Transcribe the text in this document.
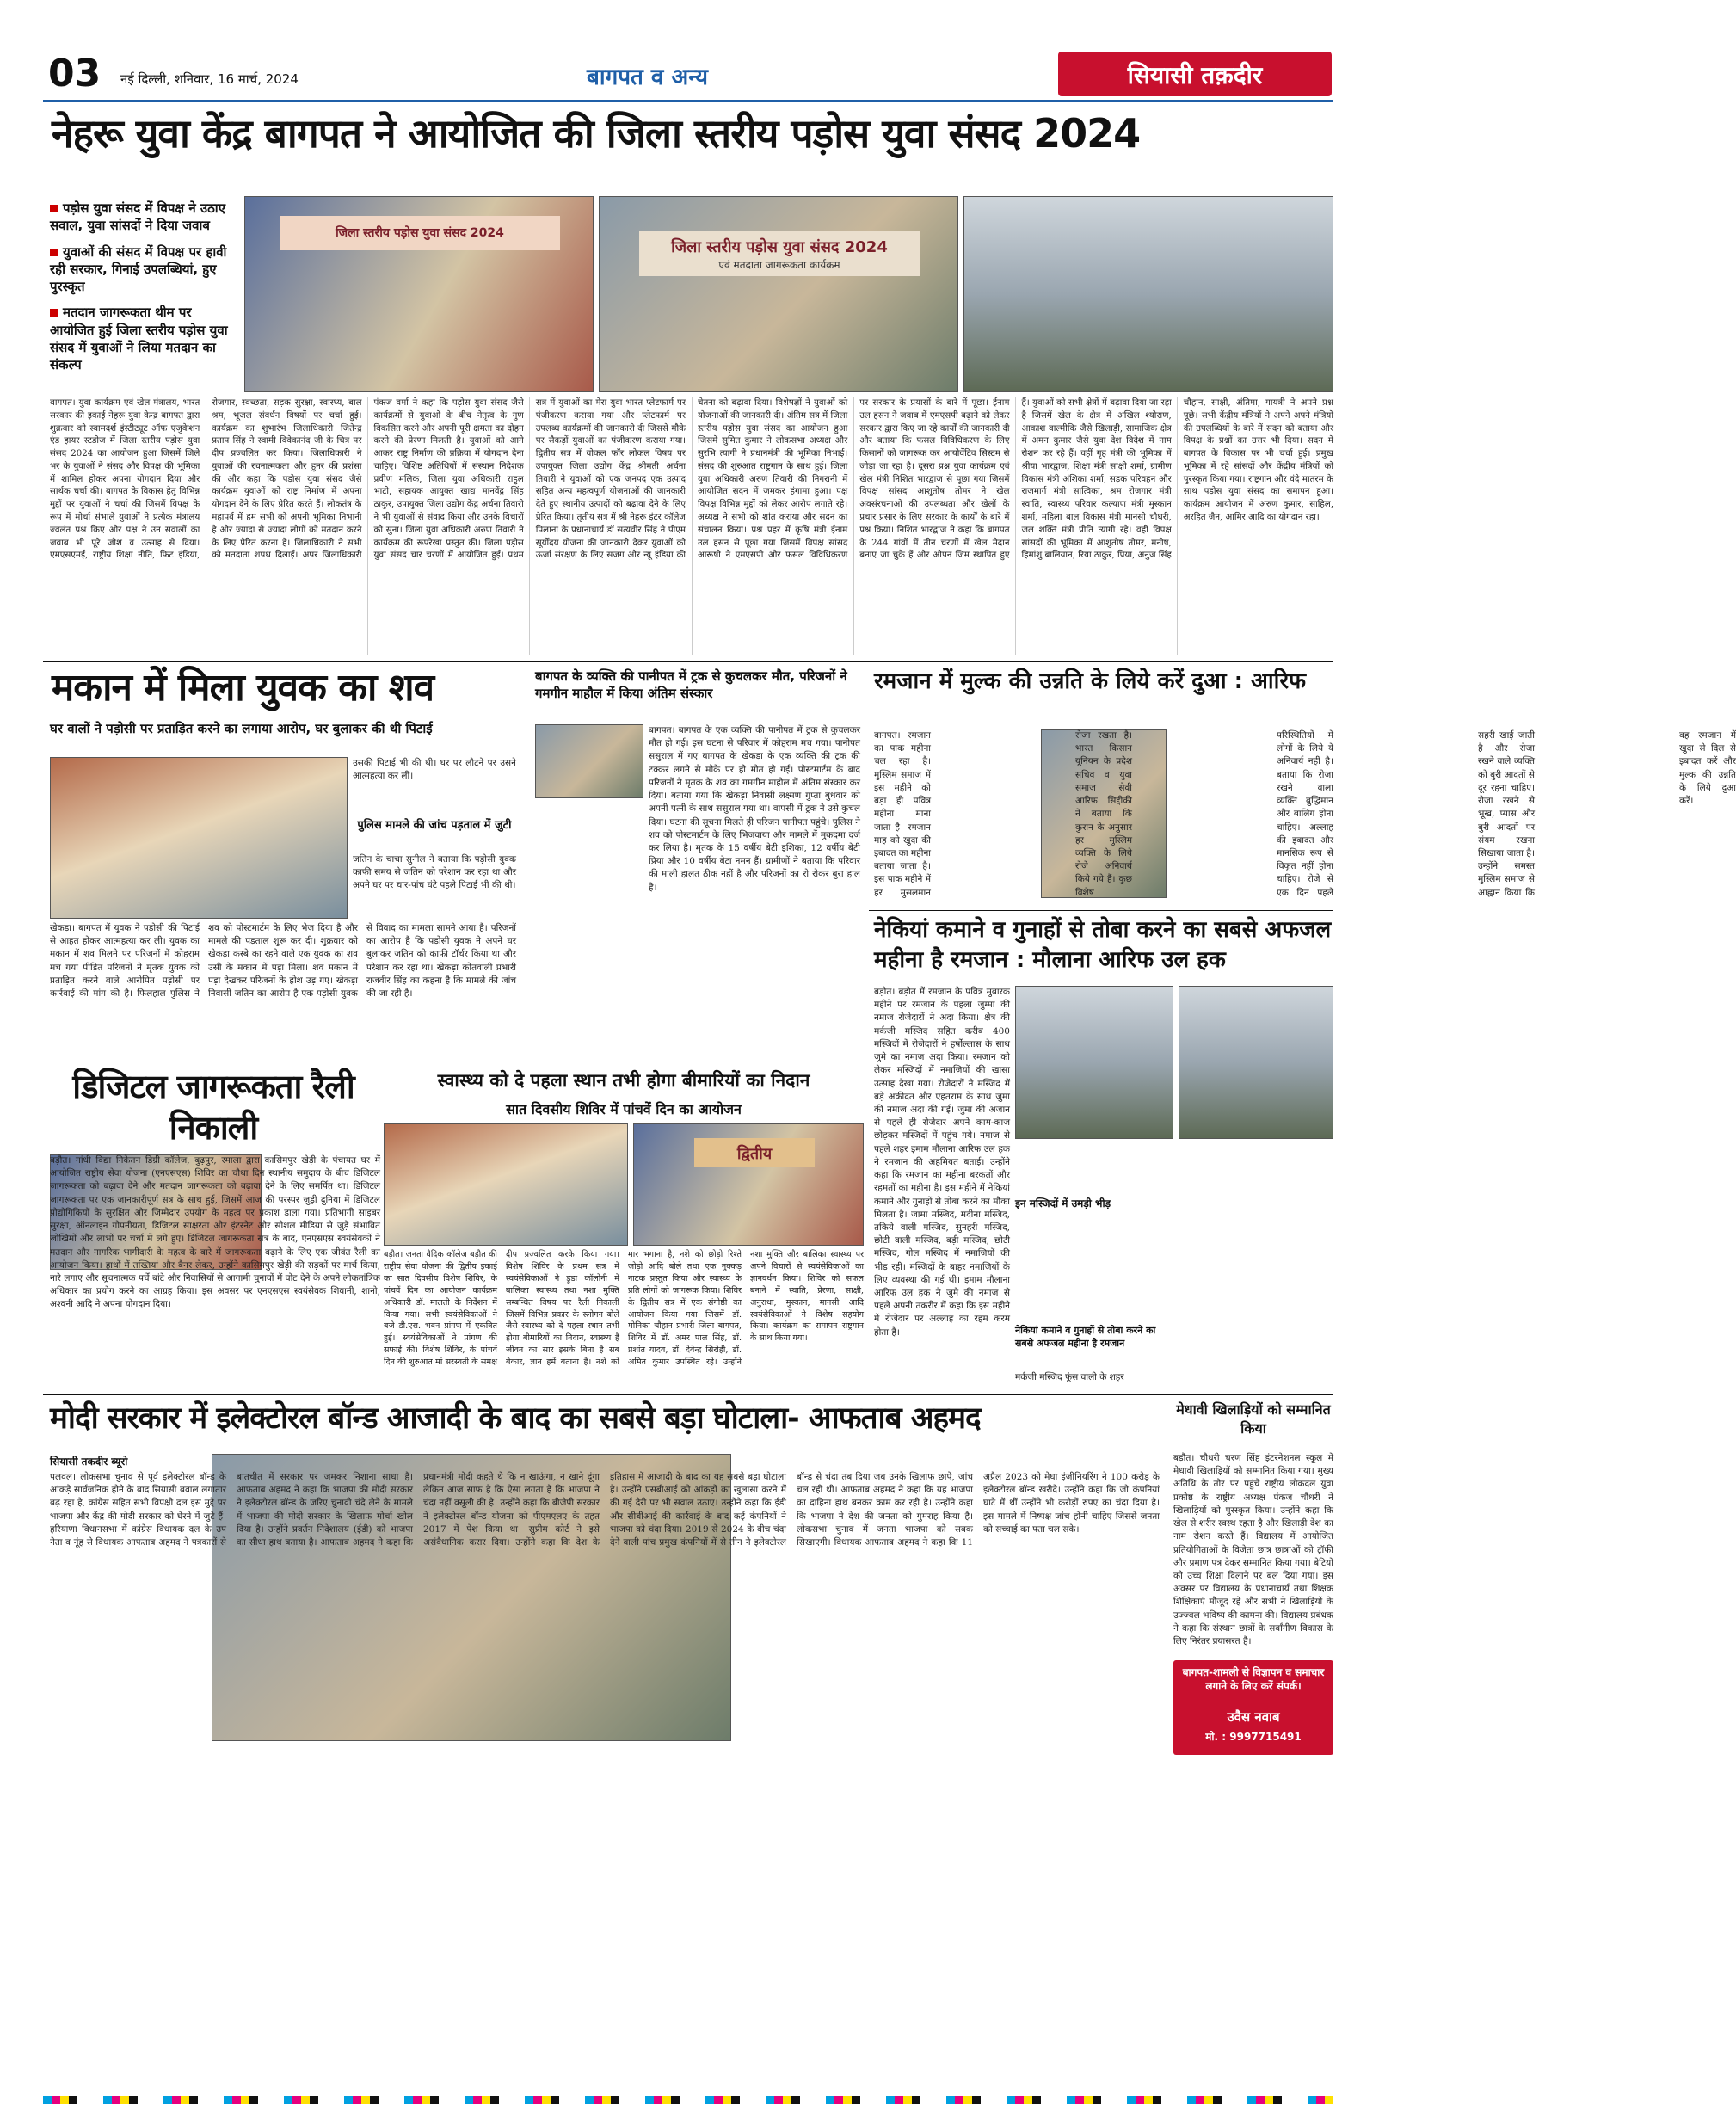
03 नई दिल्ली, शनिवार, 16 मार्च, 2024	बागपत व अन्य	सियासी तक़दीर
नेहरू युवा केंद्र बागपत ने आयोजित की जिला स्तरीय पड़ोस युवा संसद 2024
पड़ोस युवा संसद में विपक्ष ने उठाए सवाल, युवा सांसदों ने दिया जवाब
युवाओं की संसद में विपक्ष पर हावी रही सरकार, गिनाई उपलब्धियां, हुए पुरस्कृत
मतदान जागरूकता थीम पर आयोजित हुई जिला स्तरीय पड़ोस युवा संसद में युवाओं ने लिया मतदान का संकल्प
जिला स्तरीय पड़ोस युवा संसद 2024
जिला स्तरीय पड़ोस युवा संसद 2024
एवं मतदाता जागरूकता कार्यक्रम
बागपत। युवा कार्यक्रम एवं खेल मंत्रालय, भारत सरकार की इकाई नेहरू युवा केन्द्र बागपत द्वारा शुक्रवार को स्वामदर्श इंस्टीट्यूट ऑफ एजुकेशन एंड हायर स्टडीज में जिला स्तरीय पड़ोस युवा संसद 2024 का आयोजन हुआ जिसमें जिले भर के युवाओं ने संसद और विपक्ष की भूमिका में शामिल होकर अपना योगदान दिया और सार्थक चर्चा की। बागपत के विकास हेतु विभिन्न मुद्दों पर युवाओं ने चर्चा की जिसमें विपक्ष के रूप में मोर्चा संभाले युवाओं ने प्रत्येक मंत्रालय ज्वलंत प्रश्न किए और पक्ष ने उन सवालों का जवाब भी पूरे जोश व उत्साह से दिया। एमएसएमई, राष्ट्रीय शिक्षा नीति, फिट इंडिया, रोजगार, स्वच्छता, सड़क सुरक्षा, स्वास्थ्य, बाल श्रम, भूजल संवर्धन विषयों पर चर्चा हुई। कार्यक्रम का शुभारंभ जिलाधिकारी जितेन्द्र प्रताप सिंह ने स्वामी विवेकानंद जी के चित्र पर दीप प्रज्वलित कर किया। जिलाधिकारी ने युवाओं की रचनात्मकता और हुनर की प्रशंसा की और कहा कि पड़ोस युवा संसद जैसे कार्यक्रम युवाओं को राष्ट्र निर्माण में अपना योगदान देने के लिए प्रेरित करते हैं। लोकतंत्र के महापर्व में हम सभी को अपनी भूमिका निभानी है और ज्यादा से ज्यादा लोगों को मतदान करने के लिए प्रेरित करना है। जिलाधिकारी ने सभी को मतदाता शपथ दिलाई। अपर जिलाधिकारी पंकज वर्मा ने कहा कि पड़ोस युवा संसद जैसे कार्यक्रमों से युवाओं के बीच नेतृत्व के गुण विकसित करने और अपनी पूरी क्षमता का दोहन करने की प्रेरणा मिलती है। युवाओं को आगे आकर राष्ट्र निर्माण की प्रक्रिया में योगदान देना चाहिए। विशिष्ट अतिथियों में संस्थान निदेशक प्रवीण मलिक, जिला युवा अधिकारी राहुल भाटी, सहायक आयुक्त खाद्य मानवेंद्र सिंह ठाकुर, उपायुक्त जिला उद्योग केंद्र अर्चना तिवारी ने भी युवाओं से संवाद किया और उनके विचारों को सुना। जिला युवा अधिकारी अरुण तिवारी ने कार्यक्रम की रूपरेखा प्रस्तुत की। जिला पड़ोस युवा संसद चार चरणों में आयोजित हुई। प्रथम सत्र में युवाओं का मेरा युवा भारत प्लेटफार्म पर पंजीकरण कराया गया और प्लेटफार्म पर उपलब्ध कार्यक्रमों की जानकारी दी जिससे मौके पर सैकड़ों युवाओं का पंजीकरण कराया गया। द्वितीय सत्र में वोकल फॉर लोकल विषय पर उपायुक्त जिला उद्योग केंद्र श्रीमती अर्चना तिवारी ने युवाओं को एक जनपद एक उत्पाद सहित अन्य महत्वपूर्ण योजनाओं की जानकारी देते हुए स्थानीय उत्पादों को बढ़ावा देने के लिए प्रेरित किया। तृतीय सत्र में श्री नेहरू इंटर कॉलेज पिलाना के प्रधानाचार्य डॉ सत्यवीर सिंह ने पीएम सूर्योदय योजना की जानकारी देकर युवाओं को ऊर्जा संरक्षण के लिए सजग और न्यू इंडिया की चेतना को बढ़ावा दिया। विशेषज्ञों ने युवाओं को योजनाओं की जानकारी दी। अंतिम सत्र में जिला स्तरीय पड़ोस युवा संसद का आयोजन हुआ जिसमें सुमित कुमार ने लोकसभा अध्यक्ष और सुरभि त्यागी ने प्रधानमंत्री की भूमिका निभाई। संसद की शुरुआत राष्ट्रगान के साथ हुई। जिला युवा अधिकारी अरुण तिवारी की निगरानी में आयोजित सदन में जमकर हंगामा हुआ। पक्ष विपक्ष विभिन्न मुद्दों को लेकर आरोप लगाते रहे। अध्यक्ष ने सभी को शांत कराया और सदन का संचालन किया। प्रश्न प्रहर में कृषि मंत्री ईनाम उल हसन से पूछा गया जिसमें विपक्ष सांसद आरूषी ने एमएसपी और फसल विविधिकरण पर सरकार के प्रयासों के बारे में पूछा। ईनाम उल हसन ने जवाब में एमएसपी बढ़ाने को लेकर सरकार द्वारा किए जा रहे कार्यों की जानकारी दी और बताया कि फसल विविधिकरण के लिए किसानों को जागरूक कर आयोवेंटिव सिस्टम से जोड़ा जा रहा है। दूसरा प्रश्न युवा कार्यक्रम एवं खेल मंत्री निशित भारद्वाज से पूछा गया जिसमें विपक्ष सांसद आशुतोष तोमर ने खेल अवसंरचनाओं की उपलब्धता और खेलों के प्रचार प्रसार के लिए सरकार के कार्यों के बारे में प्रश्न किया। निशित भारद्वाज ने कहा कि बागपत के 244 गांवों में तीन चरणों में खेल मैदान बनाए जा चुके हैं और ओपन जिम स्थापित हुए हैं। युवाओं को सभी क्षेत्रों में बढ़ावा दिया जा रहा है जिसमें खेल के क्षेत्र में अखिल श्योराण, आकाश वाल्मीकि जैसे खिलाड़ी, सामाजिक क्षेत्र में अमन कुमार जैसे युवा देश विदेश में नाम रोशन कर रहे हैं। वहीं गृह मंत्री की भूमिका में श्रीया भारद्वाज, शिक्षा मंत्री साक्षी शर्मा, ग्रामीण विकास मंत्री अंशिका शर्मा, सड़क परिवहन और राजमार्ग मंत्री सात्विका, श्रम रोजगार मंत्री स्वाति, स्वास्थ्य परिवार कल्याण मंत्री मुस्कान शर्मा, महिला बाल विकास मंत्री मानसी चौधरी, जल शक्ति मंत्री प्रीति त्यागी रहे। वहीं विपक्ष सांसदों की भूमिका में आशुतोष तोमर, मनीष, हिमांशु बालियान, रिया ठाकुर, प्रिया, अनुज सिंह चौहान, साक्षी, अंतिमा, गायत्री ने अपने प्रश्न पूछे। सभी केंद्रीय मंत्रियों ने अपने अपने मंत्रियों की उपलब्धियों के बारे में सदन को बताया और विपक्ष के प्रश्नों का उत्तर भी दिया। सदन में बागपत के विकास पर भी चर्चा हुई। प्रमुख भूमिका में रहे सांसदों और केंद्रीय मंत्रियों को पुरस्कृत किया गया। राष्ट्रगान और वंदे मातरम के साथ पड़ोस युवा संसद का समापन हुआ। कार्यक्रम आयोजन में अरुण कुमार, साहिल, अरहित जैन, आमिर आदि का योगदान रहा।
मकान में मिला युवक का शव
घर वालों ने पड़ोसी पर प्रताड़ित करने का लगाया आरोप, घर बुलाकर की थी पिटाई
उसकी पिटाई भी की थी। घर पर लौटने पर उसने आत्महत्या कर ली।
पुलिस मामले की जांच पड़ताल में जुटी
जतिन के चाचा सुनील ने बताया कि पड़ोसी युवक काफी समय से जतिन को परेशान कर रहा था और अपने घर पर चार-पांच घंटे पहले पिटाई भी की थी।
खेकड़ा। बागपत में युवक ने पड़ोसी की पिटाई से आहत होकर आत्महत्या कर ली। युवक का मकान में शव मिलने पर परिजनों में कोहराम मच गया पीड़ित परिजनों ने मृतक युवक को प्रताड़ित करने वाले आरोपित पड़ोसी पर कार्रवाई की मांग की है। फिलहाल पुलिस ने शव को पोस्टमार्टम के लिए भेज दिया है और मामले की पड़ताल शुरू कर दी। शुक्रवार को खेकड़ा कस्बे का रहने वाले एक युवक का शव उसी के मकान में पड़ा मिला। शव मकान में पड़ा देखकर परिजनों के होश उड़ गए। खेकड़ा निवासी जतिन का आरोप है एक पड़ोसी युवक से विवाद का मामला सामने आया है। परिजनों का आरोप है कि पड़ोसी युवक ने अपने घर बुलाकर जतिन को काफी टॉर्चर किया था और परेशान कर रहा था। खेकड़ा कोतवाली प्रभारी राजवीर सिंह का कहना है कि मामले की जांच की जा रही है।
बागपत के व्यक्ति की पानीपत में ट्रक से कुचलकर मौत, परिजनों ने गमगीन माहौल में किया अंतिम संस्कार
बागपत। बागपत के एक व्यक्ति की पानीपत में ट्रक से कुचलकर मौत हो गई। इस घटना से परिवार में कोहराम मच गया। पानीपत ससुराल में गए बागपत के खेकड़ा के एक व्यक्ति की ट्रक की टक्कर लगने से मौके पर ही मौत हो गई। पोस्टमार्टम के बाद परिजनों ने मृतक के शव का गमगीन माहौल में अंतिम संस्कार कर दिया। बताया गया कि खेकड़ा निवासी लक्ष्मण गुप्ता बुधवार को अपनी पत्नी के साथ ससुराल गया था। वापसी में ट्रक ने उसे कुचल दिया। घटना की सूचना मिलते ही परिजन पानीपत पहुंचे। पुलिस ने शव को पोस्टमार्टम के लिए भिजवाया और मामले में मुकदमा दर्ज कर लिया है। मृतक के 15 वर्षीय बेटी इशिका, 12 वर्षीय बेटी प्रिया और 10 वर्षीय बेटा नमन हैं। ग्रामीणों ने बताया कि परिवार की माली हालत ठीक नहीं है और परिजनों का रो रोकर बुरा हाल है।
रमजान में मुल्क की उन्नति के लिये करें दुआ : आरिफ
बागपत। रमजान का पाक महीना चल रहा है। मुस्लिम समाज में इस महीने को बड़ा ही पवित्र महीना माना जाता है। रमजान माह को खुदा की इबादत का महीना बताया जाता है। इस पाक महीने में हर मुसलमान रोजा रखता है। भारत किसान यूनियन के प्रदेश सचिव व युवा समाज सेवी आरिफ सिद्दीकी ने बताया कि कुरान के अनुसार हर मुस्लिम व्यक्ति के लिये रोजे अनिवार्य किये गये हैं। कुछ विशेष परिस्थितियों में लोगों के लिये ये अनिवार्य नहीं है। बताया कि रोजा रखने वाला व्यक्ति बुद्धिमान और बालिग होना चाहिए। अल्लाह की इबादत और मानसिक रूप से विकृत नहीं होना चाहिए। रोजे से एक दिन पहले सहरी खाई जाती है और रोजा रखने वाले व्यक्ति को बुरी आदतों से दूर रहना चाहिए। रोजा रखने से भूख, प्यास और बुरी आदतों पर संयम रखना सिखाया जाता है। उन्होंने समस्त मुस्लिम समाज से आह्वान किया कि वह रमजान में खुदा से दिल से इबादत करें और मुल्क की उन्नति के लिये दुआ करें।
नेकियां कमाने व गुनाहों से तोबा करने का सबसे अफजल महीना है रमजान : मौलाना आरिफ उल हक
नेकियां कमाने व गुनाहों से तोबा करने का सबसे अफजल महीना है रमजान
मर्कजी मस्जिद फूंस वाली के शहर
इन मस्जिदों में उमड़ी भीड़
बड़ौत। बड़ौत में रमजान के पवित्र मुबारक महीने पर रमजान के पहला जुम्मा की नमाज रोजेदारों ने अदा किया। क्षेत्र की मर्कजी मस्जिद सहित करीब 400 मस्जिदों में रोजेदारों ने हर्षोल्लास के साथ जुमे का नमाज अदा किया। रमजान को लेकर मस्जिदों में नमाजियों की खासा उत्साह देखा गया। रोजेदारों ने मस्जिद में बड़े अकीदत और एहतराम के साथ जुमा की नमाज अदा की गई। जुमा की अजान से पहले ही रोजेदार अपने काम-काज छोड़कर मस्जिदों में पहुंच गये। नमाज से पहले शहर इमाम मौलाना आरिफ उल हक ने रमजान की अहमियत बताई। उन्होंने कहा कि रमजान का महीना बरकतों और रहमतों का महीना है। इस महीने में नेकियां कमाने और गुनाहों से तोबा करने का मौका मिलता है। जामा मस्जिद, मदीना मस्जिद, तकिये वाली मस्जिद, सुनहरी मस्जिद, छोटी वाली मस्जिद, बड़ी मस्जिद, छोटी मस्जिद, गोल मस्जिद में नमाजियों की भीड़ रही। मस्जिदों के बाहर नमाजियों के लिए व्यवस्था की गई थी। इमाम मौलाना आरिफ उल हक ने जुमे की नमाज से पहले अपनी तकरीर में कहा कि इस महीने में रोजेदार पर अल्लाह का रहम करम होता है।
डिजिटल जागरूकता रैली निकाली
बड़ौत। गांधी विद्या निकेतन डिग्री कॉलेज, बुढ़पुर, रमाला द्वारा कासिमपुर खेड़ी के पंचायत घर में आयोजित राष्ट्रीय सेवा योजना (एनएसएस) शिविर का चौथा दिन स्थानीय समुदाय के बीच डिजिटल जागरूकता को बढ़ावा देने और मतदान जागरूकता को बढ़ावा देने के लिए समर्पित था। डिजिटल जागरूकता पर एक जानकारीपूर्ण सत्र के साथ हुई, जिसमें आज की परस्पर जुड़ी दुनिया में डिजिटल प्रौद्योगिकियों के सुरक्षित और जिम्मेदार उपयोग के महत्व पर प्रकाश डाला गया। प्रतिभागी साइबर सुरक्षा, ऑनलाइन गोपनीयता, डिजिटल साक्षरता और इंटरनेट और सोशल मीडिया से जुड़े संभावित जोखिमों और लाभों पर चर्चा में लगे हुए। डिजिटल जागरूकता सत्र के बाद, एनएसएस स्वयंसेवकों ने मतदान और नागरिक भागीदारी के महत्व के बारे में जागरूकता बढ़ाने के लिए एक जीवंत रैली का आयोजन किया। हाथों में तख्तियां और बैनर लेकर, उन्होंने कासिमपुर खेड़ी की सड़कों पर मार्च किया, नारे लगाए और सूचनात्मक पर्चे बांटे और निवासियों से आगामी चुनावों में वोट देने के अपने लोकतांत्रिक अधिकार का प्रयोग करने का आग्रह किया। इस अवसर पर एनएसएस स्वयंसेवक शिवानी, शानो, अश्वनी आदि ने अपना योगदान दिया।
स्वास्थ्य को दे पहला स्थान तभी होगा बीमारियों का निदान
सात दिवसीय शिविर में पांचवें दिन का आयोजन
द्वितीय
बड़ौत। जनता वैदिक कॉलेज बड़ौत की राष्ट्रीय सेवा योजना की द्वितीय इकाई का सात दिवसीय विशेष शिविर, के पांचवें दिन का आयोजन कार्यक्रम अधिकारी डॉ. मालती के निर्देशन में किया गया। सभी स्वयंसेविकाओं ने बजे डी.एस. भवन प्रांगण में एकत्रित हुई। स्वयंसेविकाओं ने प्रांगण की सफाई की। विशेष शिविर, के पांचवें दिन की शुरुआत मां सरस्वती के समक्ष दीप प्रज्वलित करके किया गया। विशेष शिविर के प्रथम सत्र में स्वयंसेविकाओं ने ड्रुडा कॉलोनी में बालिका स्वास्थ्य तथा नशा मुक्ति सम्बन्धित विषय पर रैली निकाली जिसमें विभिन्न प्रकार के स्लोगन बोले जैसे स्वास्थ्य को दे पहला स्थान तभी होगा बीमारियों का निदान, स्वास्थ्य है जीवन का सार इसके बिना है सब बेकार, ज्ञान हमें बताना है। नशे को मार भगाना है, नशे को छोड़ो रिश्ते जोड़ो आदि बोले तथा एक नुक्कड़ नाटक प्रस्तुत किया और स्वास्थ्य के प्रति लोगों को जागरूक किया। शिविर के द्वितीय सत्र में एक संगोष्ठी का आयोजन किया गया जिसमें डॉ. मोनिका चौहान प्रभारी जिला बागपत, शिविर में डॉ. अमर पाल सिंह, डॉ. प्रशांत यादव, डॉ. देवेन्द्र सिरोही, डॉ. अमित कुमार उपस्थित रहे। उन्होंने नशा मुक्ति और बालिका स्वास्थ्य पर अपने विचारों से स्वयंसेविकाओं का ज्ञानवर्धन किया। शिविर को सफल बनाने में स्वाति, प्रेरणा, साक्षी, अनुराधा, मुस्कान, मानसी आदि स्वयंसेविकाओं ने विशेष सहयोग किया। कार्यक्रम का समापन राष्ट्रगान के साथ किया गया।
मोदी सरकार में इलेक्टोरल बॉन्ड आजादी के बाद का सबसे बड़ा घोटाला- आफताब अहमद
सियासी तकदीर ब्यूरो
पलवल। लोकसभा चुनाव से पूर्व इलेक्टोरल बॉन्ड के आंकड़े सार्वजनिक होने के बाद सियासी बवाल लगातार बढ़ रहा है, कांग्रेस सहित सभी विपक्षी दल इस मुद्दे पर भाजपा और केंद्र की मोदी सरकार को घेरने में जुटे हैं। हरियाणा विधानसभा में कांग्रेस विधायक दल के उप नेता व नूंह से विधायक आफताब अहमद ने पत्रकारों से बातचीत में सरकार पर जमकर निशाना साधा है। आफताब अहमद ने कहा कि भाजपा की मोदी सरकार ने इलेक्टोरल बॉन्ड के जरिए चुनावी चंदे लेने के मामले में भाजपा की मोदी सरकार के खिलाफ मोर्चा खोल दिया है। उन्होंने प्रवर्तन निदेशालय (ईडी) को भाजपा का सीधा हाथ बताया है। आफताब अहमद ने कहा कि प्रधानमंत्री मोदी कहते थे कि न खाऊंगा, न खाने दूंगा लेकिन आज साफ है कि ऐसा लगता है कि भाजपा ने चंदा नहीं वसूली की है। उन्होंने कहा कि बीजेपी सरकार ने इलेक्टोरल बॉन्ड योजना को पीएमएलए के तहत 2017 में पेश किया था। सुप्रीम कोर्ट ने इसे असंवैधानिक करार दिया। उन्होंने कहा कि देश के इतिहास में आजादी के बाद का यह सबसे बड़ा घोटाला है। उन्होंने एसबीआई को आंकड़ों का खुलासा करने में की गई देरी पर भी सवाल उठाए। उन्होंने कहा कि ईडी और सीबीआई की कार्रवाई के बाद कई कंपनियों ने भाजपा को चंदा दिया। 2019 से 2024 के बीच चंदा देने वाली पांच प्रमुख कंपनियों में से तीन ने इलेक्टोरल बॉन्ड से चंदा तब दिया जब उनके खिलाफ छापे, जांच चल रही थी। आफताब अहमद ने कहा कि यह भाजपा का दाहिना हाथ बनकर काम कर रही है। उन्होंने कहा कि भाजपा ने देश की जनता को गुमराह किया है। लोकसभा चुनाव में जनता भाजपा को सबक सिखाएगी। विधायक आफताब अहमद ने कहा कि 11 अप्रैल 2023 को मेघा इंजीनियरिंग ने 100 करोड़ के इलेक्टोरल बॉन्ड खरीदे। उन्होंने कहा कि जो कंपनियां घाटे में थीं उन्होंने भी करोड़ों रुपए का चंदा दिया है। इस मामले में निष्पक्ष जांच होनी चाहिए जिससे जनता को सच्चाई का पता चल सके।
मेधावी खिलाड़ियों को सम्मानित किया
बड़ौत। चौधरी चरण सिंह इंटरनेशनल स्कूल में मेधावी खिलाड़ियों को सम्मानित किया गया। मुख्य अतिथि के तौर पर पहुंचे राष्ट्रीय लोकदल युवा प्रकोष्ठ के राष्ट्रीय अध्यक्ष पंकज चौधरी ने खिलाड़ियों को पुरस्कृत किया। उन्होंने कहा कि खेल से शरीर स्वस्थ रहता है और खिलाड़ी देश का नाम रोशन करते हैं। विद्यालय में आयोजित प्रतियोगिताओं के विजेता छात्र छात्राओं को ट्रॉफी और प्रमाण पत्र देकर सम्मानित किया गया। बेटियों को उच्च शिक्षा दिलाने पर बल दिया गया। इस अवसर पर विद्यालय के प्रधानाचार्य तथा शिक्षक शिक्षिकाएं मौजूद रहे और सभी ने खिलाड़ियों के उज्ज्वल भविष्य की कामना की। विद्यालय प्रबंधक ने कहा कि संस्थान छात्रों के सर्वांगीण विकास के लिए निरंतर प्रयासरत है।
बागपत-शामली से विज्ञापन व समाचार लगाने के लिए करें संपर्क।
उवैस नवाब
मो. : 9997715491
